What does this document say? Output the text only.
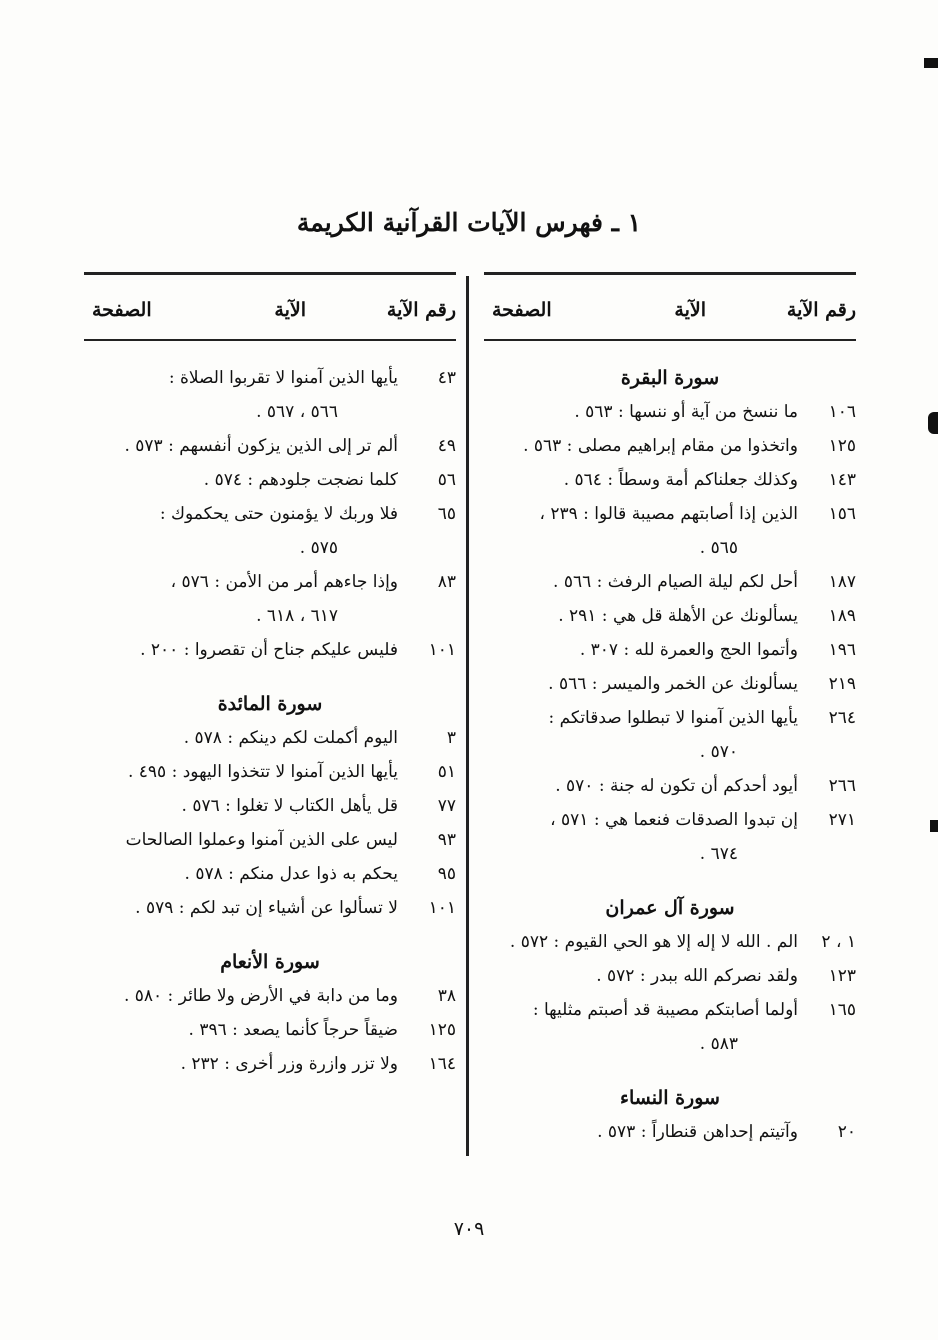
١ ـ فهرس الآيات القرآنية الكريمة
رقم الآية
الآية
الصفحة
سورة البقرة
١٠٦
ما ننسخ من آية أو ننسها : ٥٦٣ .
١٢٥
واتخذوا من مقام إبراهيم مصلى : ٥٦٣ .
١٤٣
وكذلك جعلناكم أمة وسطاً : ٥٦٤ .
١٥٦
الذين إذا أصابتهم مصيبة قالوا : ٢٣٩ ،
٥٦٥ .
١٨٧
أحل لكم ليلة الصيام الرفث : ٥٦٦ .
١٨٩
يسألونك عن الأهلة قل هي : ٢٩١ .
١٩٦
وأتموا الحج والعمرة لله : ٣٠٧ .
٢١٩
يسألونك عن الخمر والميسر : ٥٦٦ .
٢٦٤
يأيها الذين آمنوا لا تبطلوا صدقاتكم :
٥٧٠ .
٢٦٦
أيود أحدكم أن تكون له جنة : ٥٧٠ .
٢٧١
إن تبدوا الصدقات فنعما هي : ٥٧١ ،
٦٧٤ .
سورة آل عمران
١ ، ٢
الم . الله لا إله إلا هو الحي القيوم : ٥٧٢ .
١٢٣
ولقد نصركم الله ببدر : ٥٧٢ .
١٦٥
أولما أصابتكم مصيبة قد أصبتم مثليها :
٥٨٣ .
سورة النساء
٢٠
وآتيتم إحداهن قنطاراً : ٥٧٣ .
رقم الآية
الآية
الصفحة
٤٣
يأيها الذين آمنوا لا تقربوا الصلاة :
٥٦٦ ، ٥٦٧ .
٤٩
ألم تر إلى الذين يزكون أنفسهم : ٥٧٣ .
٥٦
كلما نضجت جلودهم : ٥٧٤ .
٦٥
فلا وربك لا يؤمنون حتى يحكموك :
٥٧٥ .
٨٣
وإذا جاءهم أمر من الأمن : ٥٧٦ ،
٦١٧ ، ٦١٨ .
١٠١
فليس عليكم جناح أن تقصروا : ٢٠٠ .
سورة المائدة
٣
اليوم أكملت لكم دينكم : ٥٧٨ .
٥١
يأيها الذين آمنوا لا تتخذوا اليهود : ٤٩٥ .
٧٧
قل يأهل الكتاب لا تغلوا : ٥٧٦ .
٩٣
ليس على الذين آمنوا وعملوا الصالحات
٩٥
يحكم به ذوا عدل منكم : ٥٧٨ .
١٠١
لا تسألوا عن أشياء إن تبد لكم : ٥٧٩ .
سورة الأنعام
٣٨
وما من دابة في الأرض ولا طائر : ٥٨٠ .
١٢٥
ضيقاً حرجاً كأنما يصعد : ٣٩٦ .
١٦٤
ولا تزر وازرة وزر أخرى : ٢٣٢ .
٧٠٩
